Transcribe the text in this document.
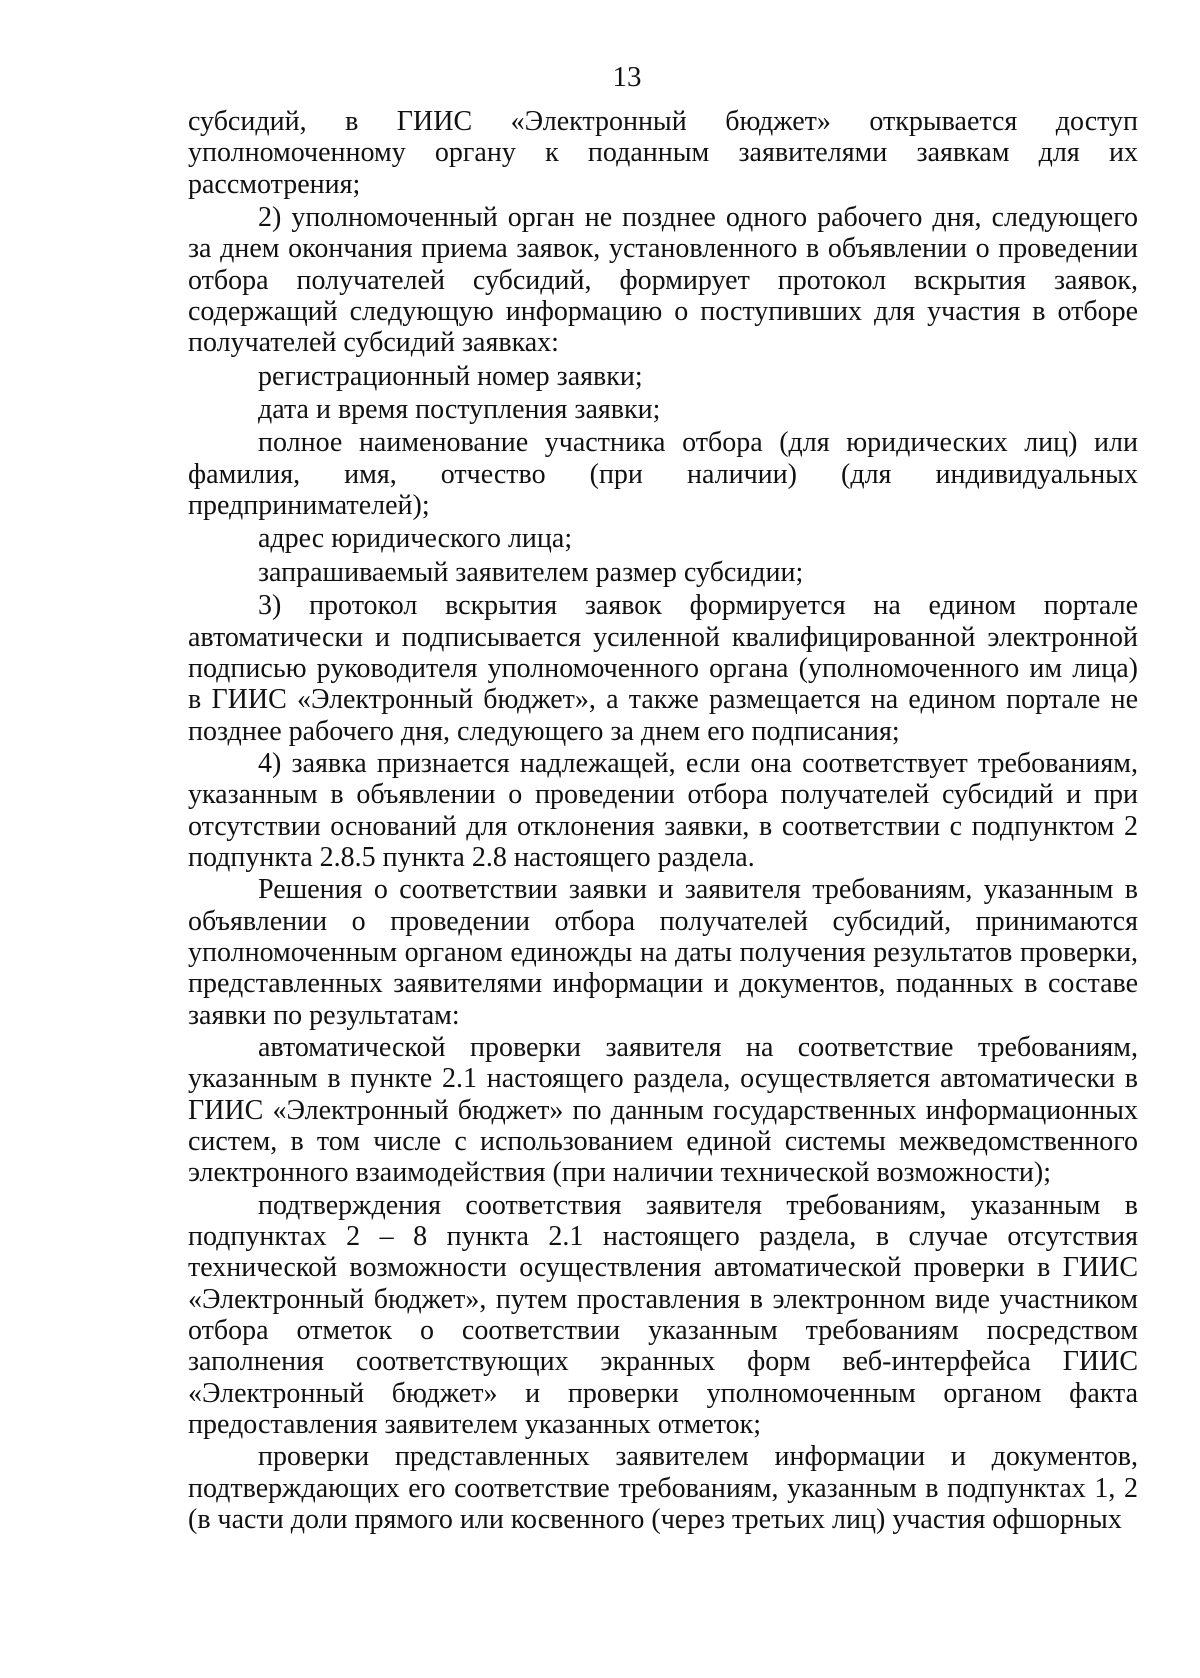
13

субсидий, в ГИИС «Электронный бюджет» открывается доступ уполномоченному органу к поданным заявителями заявкам для их рассмотрения;

2) уполномоченный орган не позднее одного рабочего дня, следующего за днем окончания приема заявок, установленного в объявлении о проведении отбора получателей субсидий, формирует протокол вскрытия заявок, содержащий следующую информацию о поступивших для участия в отборе получателей субсидий заявках:

регистрационный номер заявки;

дата и время поступления заявки;

полное наименование участника отбора (для юридических лиц) или фамилия, имя, отчество (при наличии) (для индивидуальных предпринимателей);

адрес юридического лица;

запрашиваемый заявителем размер субсидии;

3) протокол вскрытия заявок формируется на едином портале автоматически и подписывается усиленной квалифицированной электронной подписью руководителя уполномоченного органа (уполномоченного им лица) в ГИИС «Электронный бюджет», а также размещается на едином портале не позднее рабочего дня, следующего за днем его подписания;

4) заявка признается надлежащей, если она соответствует требованиям, указанным в объявлении о проведении отбора получателей субсидий и при отсутствии оснований для отклонения заявки, в соответствии с подпунктом 2 подпункта 2.8.5 пункта 2.8 настоящего раздела.

Решения о соответствии заявки и заявителя требованиям, указанным в объявлении о проведении отбора получателей субсидий, принимаются уполномоченным органом единожды на даты получения результатов проверки, представленных заявителями информации и документов, поданных в составе заявки по результатам:

автоматической проверки заявителя на соответствие требованиям, указанным в пункте 2.1 настоящего раздела, осуществляется автоматически в ГИИС «Электронный бюджет» по данным государственных информационных систем, в том числе с использованием единой системы межведомственного электронного взаимодействия (при наличии технической возможности);

подтверждения соответствия заявителя требованиям, указанным в подпунктах 2 – 8 пункта 2.1 настоящего раздела, в случае отсутствия технической возможности осуществления автоматической проверки в ГИИС «Электронный бюджет», путем проставления в электронном виде участником отбора отметок о соответствии указанным требованиям посредством заполнения соответствующих экранных форм веб-интерфейса ГИИС «Электронный бюджет» и проверки уполномоченным органом факта предоставления заявителем указанных отметок;

проверки представленных заявителем информации и документов, подтверждающих его соответствие требованиям, указанным в подпунктах 1, 2 (в части доли прямого или косвенного (через третьих лиц) участия офшорных
